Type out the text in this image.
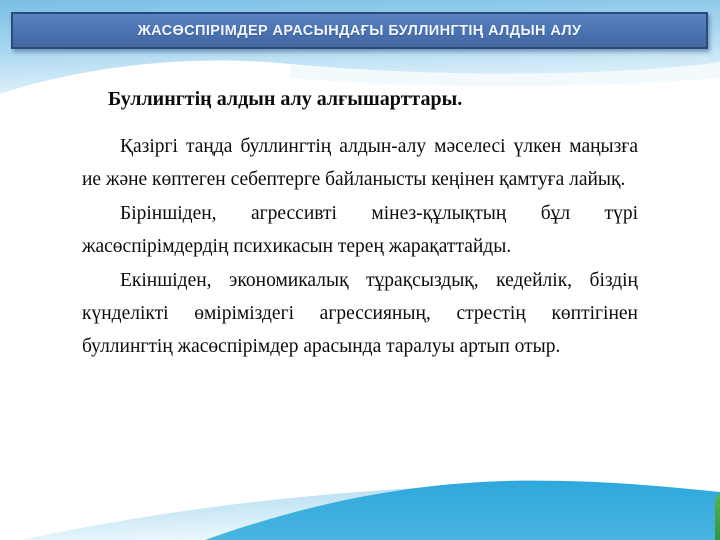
ЖАСӨСПІРІМДЕР АРАСЫНДАҒЫ БУЛЛИНГТІҢ АЛДЫН АЛУ
Буллингтің алдын алу алғышарттары.

Қазіргі таңда буллингтің алдын-алу мәселесі үлкен маңызға ие және көптеген себептерге байланысты кеңінен қамтуға лайық.

Біріншіден, агрессивті мінез-құлықтың бұл түрі жасөспірімдердің психикасын терең жарақаттайды.

Екіншіден, экономикалық тұрақсыздық, кедейлік, біздің күнделікті өміріміздегі агрессияның, стрестің көптігінен буллингтің жасөспірімдер арасында таралуы артып отыр.
